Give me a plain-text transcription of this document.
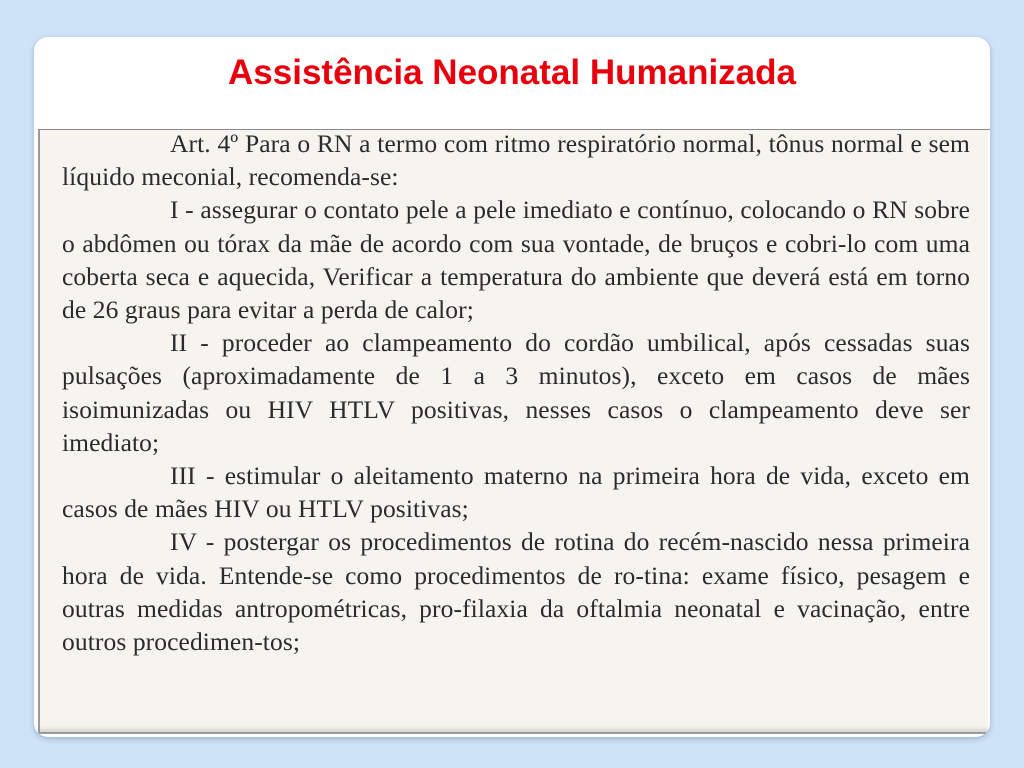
Assistência Neonatal Humanizada

Art. 4º Para o RN a termo com ritmo respiratório normal, tônus normal e sem líquido meconial, recomenda-se:

I - assegurar o contato pele a pele imediato e contínuo, colocando o RN sobre o abdômen ou tórax da mãe de acordo com sua vontade, de bruços e cobri-lo com uma coberta seca e aquecida, Verificar a temperatura do ambiente que deverá está em torno de 26 graus para evitar a perda de calor;

II - proceder ao clampeamento do cordão umbilical, após cessadas suas pulsações (aproximadamente de 1 a 3 minutos), exceto em casos de mães isoimunizadas ou HIV HTLV positivas, nesses casos o clampeamento deve ser imediato;

III - estimular o aleitamento materno na primeira hora de vida, exceto em casos de mães HIV ou HTLV positivas;

IV - postergar os procedimentos de rotina do recém-nascido nessa primeira hora de vida. Entende-se como procedimentos de ro-tina: exame físico, pesagem e outras medidas antropométricas, pro-filaxia da oftalmia neonatal e vacinação, entre outros procedimen-tos;
